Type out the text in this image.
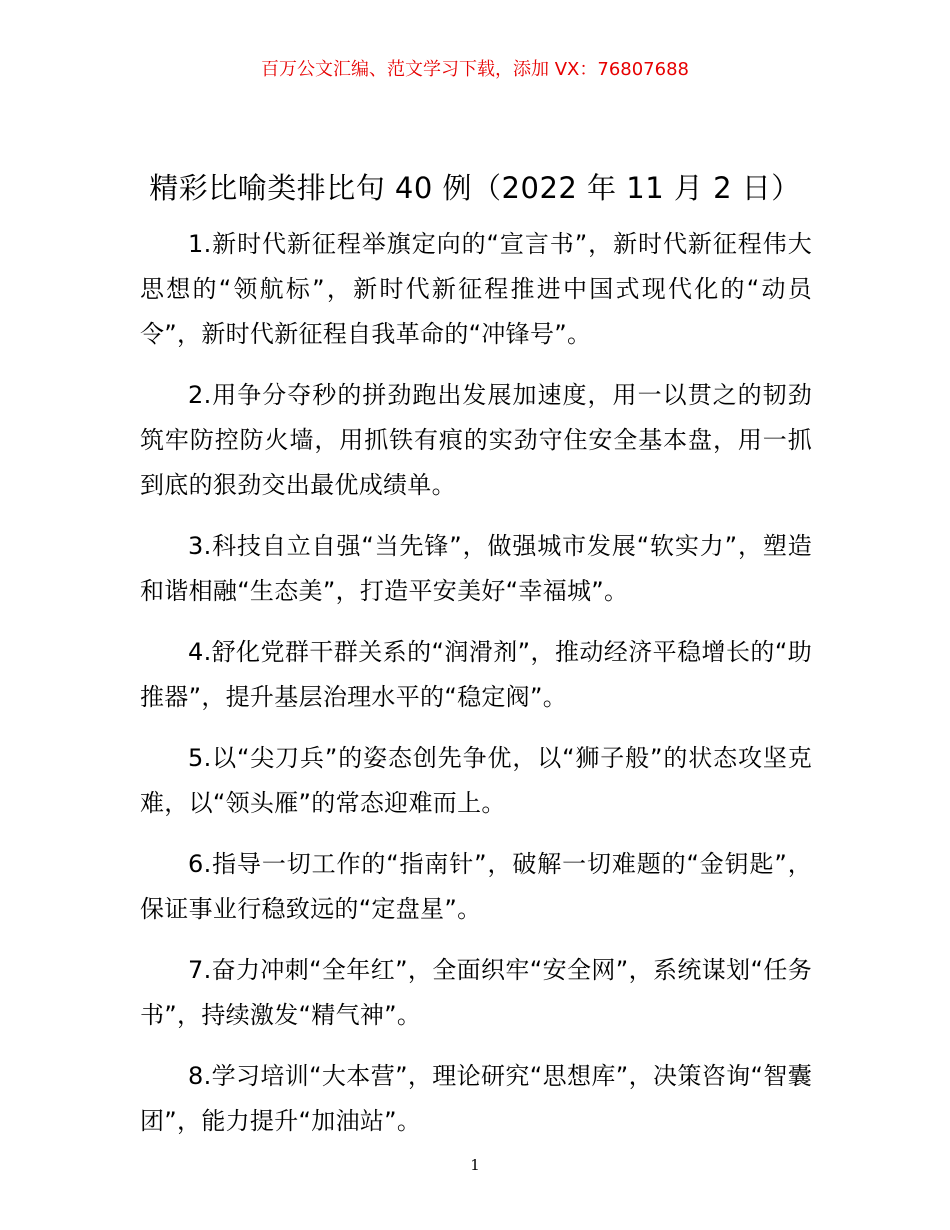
百万公文汇编、范文学习下载，添加 VX：76807688
精彩比喻类排比句 40 例（2022 年 11 月 2 日）

1.新时代新征程举旗定向的“宣言书”，新时代新征程伟大思想的“领航标”，新时代新征程推进中国式现代化的“动员令”，新时代新征程自我革命的“冲锋号”。

2.用争分夺秒的拼劲跑出发展加速度，用一以贯之的韧劲筑牢防控防火墙，用抓铁有痕的实劲守住安全基本盘，用一抓到底的狠劲交出最优成绩单。

3.科技自立自强“当先锋”，做强城市发展“软实力”，塑造和谐相融“生态美”，打造平安美好“幸福城”。

4.舒化党群干群关系的“润滑剂”，推动经济平稳增长的“助推器”，提升基层治理水平的“稳定阀”。

5.以“尖刀兵”的姿态创先争优，以“狮子般”的状态攻坚克难，以“领头雁”的常态迎难而上。

6.指导一切工作的“指南针”，破解一切难题的“金钥匙”，保证事业行稳致远的“定盘星”。

7.奋力冲刺“全年红”，全面织牢“安全网”，系统谋划“任务书”，持续激发“精气神”。

8.学习培训“大本营”，理论研究“思想库”，决策咨询“智囊团”，能力提升“加油站”。

1
